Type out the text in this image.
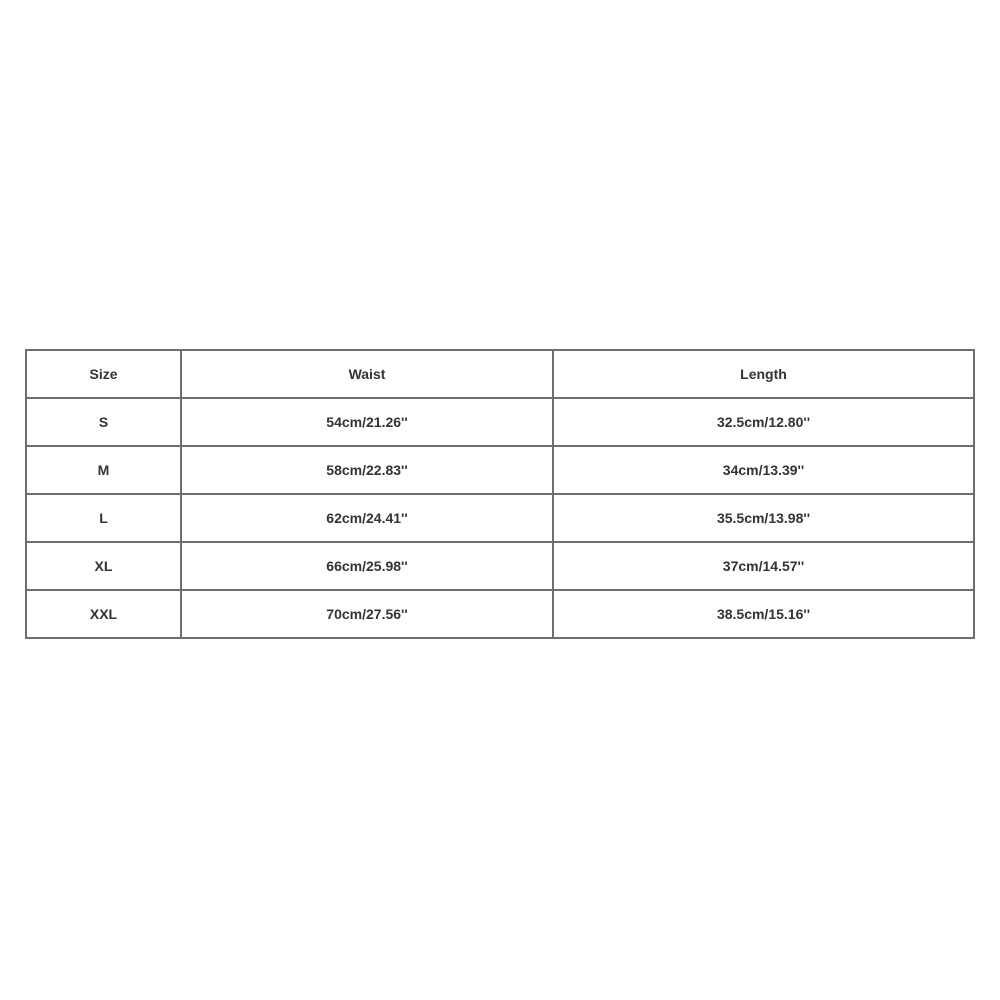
Size	Waist	Length
S	54cm/21.26''	32.5cm/12.80''
M	58cm/22.83''	34cm/13.39''
L	62cm/24.41''	35.5cm/13.98''
XL	66cm/25.98''	37cm/14.57''
XXL	70cm/27.56''	38.5cm/15.16''
